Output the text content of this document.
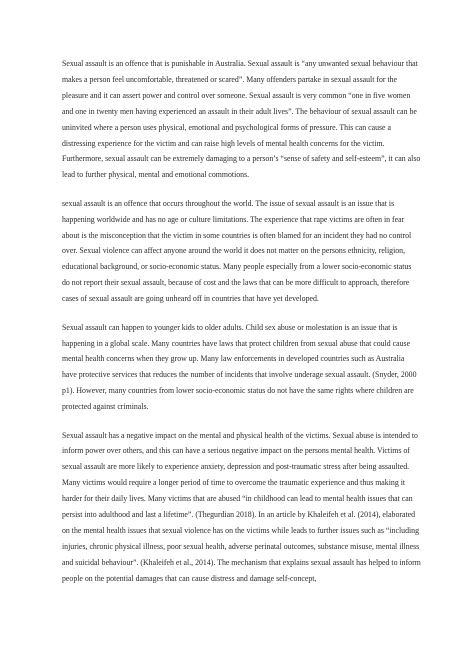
Sexual assault is an offence that is punishable in Australia. Sexual assault is “any unwanted sexual behaviour that makes a person feel uncomfortable, threatened or scared”. Many offenders partake in sexual assault for the pleasure and it can assert power and control over someone. Sexual assault is very common “one in five women and one in twenty men having experienced an assault in their adult lives”. The behaviour of sexual assault can be uninvited where a person uses physical, emotional and psychological forms of pressure. This can cause a distressing experience for the victim and can raise high levels of mental health concerns for the victim. Furthermore, sexual assault can be extremely damaging to a person’s “sense of safety and self-esteem”, it can also lead to further physical, mental and emotional commotions.

sexual assault is an offence that occurs throughout the world. The issue of sexual assault is an issue that is happening worldwide and has no age or culture limitations. The experience that rape victims are often in fear about is the misconception that the victim in some countries is often blamed for an incident they had no control over. Sexual violence can affect anyone around the world it does not matter on the persons ethnicity, religion, educational background, or socio-economic status. Many people especially from a lower socio-economic status do not report their sexual assault, because of cost and the laws that can be more difficult to approach, therefore cases of sexual assault are going unheard off in countries that have yet developed.

Sexual assault can happen to younger kids to older adults. Child sex abuse or molestation is an issue that is happening in a global scale. Many countries have laws that protect children from sexual abuse that could cause mental health concerns when they grow up. Many law enforcements in developed countries such as Australia have protective services that reduces the number of incidents that involve underage sexual assault. (Snyder, 2000 p1). However, many countries from lower socio-economic status do not have the same rights where children are protected against criminals.

Sexual assault has a negative impact on the mental and physical health of the victims. Sexual abuse is intended to inform power over others, and this can have a serious negative impact on the persons mental health. Victims of sexual assault are more likely to experience anxiety, depression and post-traumatic stress after being assaulted. Many victims would require a longer period of time to overcome the traumatic experience and thus making it harder for their daily lives. Many victims that are abused “in childhood can lead to mental health issues that can persist into adulthood and last a lifetime”. (Thegurdian 2018). In an article by Khaleifeh et al. (2014), elaborated on the mental health issues that sexual violence has on the victims while leads to further issues such as “including injuries, chronic physical illness, poor sexual health, adverse perinatal outcomes, substance misuse, mental illness and suicidal behaviour”. (Khaleifeh et al., 2014). The mechanism that explains sexual assault has helped to inform people on the potential damages that can cause distress and damage self-concept,
